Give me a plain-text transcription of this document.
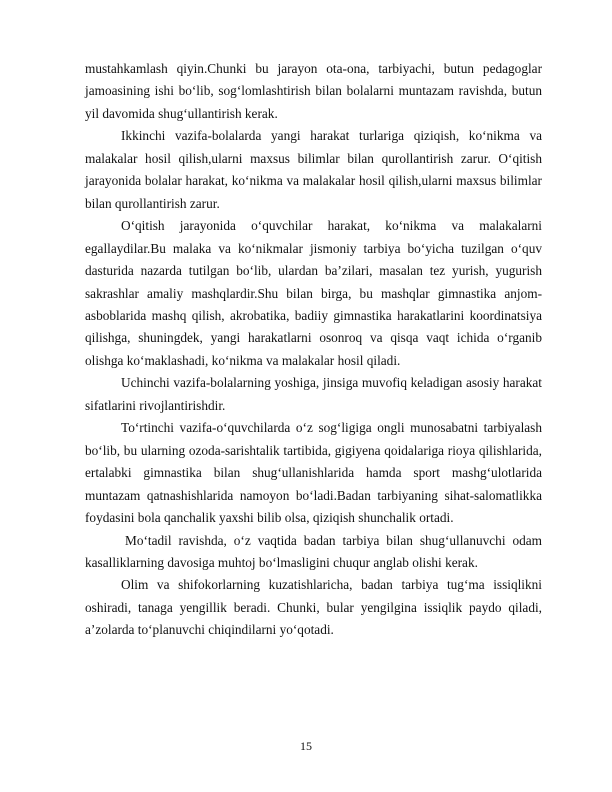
mustahkamlash qiyin.Chunki bu jarayon ota-ona, tarbiyachi, butun pedagoglar jamoasining ishi bo‘lib, sog‘lomlashtirish bilan bolalarni muntazam ravishda, butun yil davomida shug‘ullantirish kerak.

Ikkinchi vazifa-bolalarda yangi harakat turlariga qiziqish, ko‘nikma va malakalar hosil qilish,ularni maxsus bilimlar bilan qurollantirish zarur. O‘qitish jarayonida bolalar harakat, ko‘nikma va malakalar hosil qilish,ularni maxsus bilimlar bilan qurollantirish zarur.

O‘qitish jarayonida o‘quvchilar harakat, ko‘nikma va malakalarni egallaydilar.Bu malaka va ko‘nikmalar jismoniy tarbiya bo‘yicha tuzilgan o‘quv dasturida nazarda tutilgan bo‘lib, ulardan ba’zilari, masalan tez yurish, yugurish sakrashlar amaliy mashqlardir.Shu bilan birga, bu mashqlar gimnastika anjom-asboblarida mashq qilish, akrobatika, badiiy gimnastika harakatlarini koordinatsiya qilishga, shuningdek, yangi harakatlarni osonroq va qisqa vaqt ichida o‘rganib olishga ko‘maklashadi, ko‘nikma va malakalar hosil qiladi.

Uchinchi vazifa-bolalarning yoshiga, jinsiga muvofiq keladigan asosiy harakat sifatlarini rivojlantirishdir.

To‘rtinchi vazifa-o‘quvchilarda o‘z sog‘ligiga ongli munosabatni tarbiyalash bo‘lib, bu ularning ozoda-sarishtalik tartibida, gigiyena qoidalariga rioya qilishlarida, ertalabki gimnastika bilan shug‘ullanishlarida hamda sport mashg‘ulotlarida muntazam qatnashishlarida namoyon bo‘ladi.Badan tarbiyaning sihat-salomatlikka foydasini bola qanchalik yaxshi bilib olsa, qiziqish shunchalik ortadi.

Mo‘tadil ravishda, o‘z vaqtida badan tarbiya bilan shug‘ullanuvchi odam kasalliklarning davosiga muhtoj bo‘lmasligini chuqur anglab olishi kerak.

Olim va shifokorlarning kuzatishlaricha, badan tarbiya tug‘ma issiqlikni oshiradi, tanaga yengillik beradi. Chunki, bular yengilgina issiqlik paydo qiladi, a’zolarda to‘planuvchi chiqindilarni yo‘qotadi.

15
